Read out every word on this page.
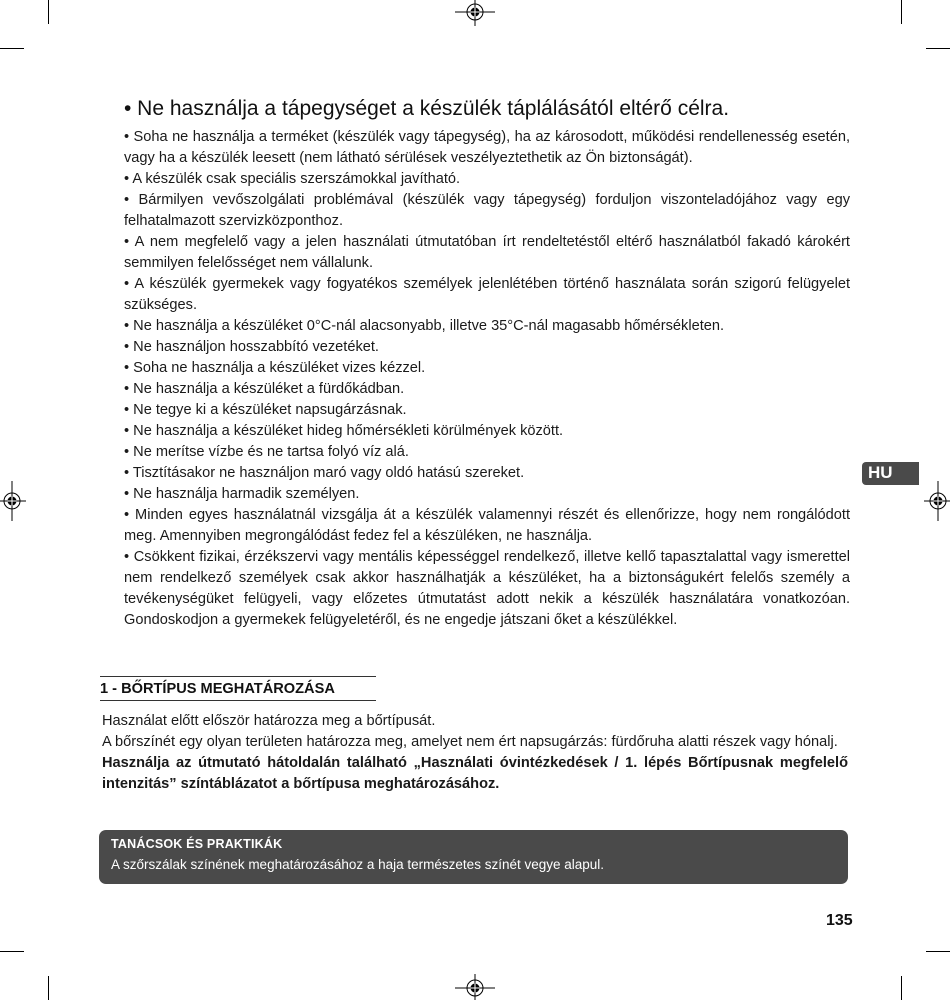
• Ne használja a tápegységet a készülék táplálásától eltérő célra.
• Soha ne használja a terméket (készülék vagy tápegység), ha az károsodott, működési rendellenesség esetén, vagy ha a készülék leesett (nem látható sérülések veszélyeztethetik az Ön biztonságát).
• A készülék csak speciális szerszámokkal javítható.
• Bármilyen vevőszolgálati problémával (készülék vagy tápegység) forduljon viszonteladójához vagy egy felhatalmazott szervizközponthoz.
• A nem megfelelő vagy a jelen használati útmutatóban írt rendeltetéstől eltérő használatból fakadó károkért semmilyen felelősséget nem vállalunk.
• A készülék gyermekek vagy fogyatékos személyek jelenlétében történő használata során szigorú felügyelet szükséges.
• Ne használja a készüléket 0°C-nál alacsonyabb, illetve 35°C-nál magasabb hőmérsékleten.
• Ne használjon hosszabbító vezetéket.
• Soha ne használja a készüléket vizes kézzel.
• Ne használja a készüléket a fürdőkádban.
• Ne tegye ki a készüléket napsugárzásnak.
• Ne használja a készüléket hideg hőmérsékleti körülmények között.
• Ne merítse vízbe és ne tartsa folyó víz alá.
• Tisztításakor ne használjon maró vagy oldó hatású szereket.
• Ne használja harmadik személyen.
• Minden egyes használatnál vizsgálja át a készülék valamennyi részét és ellenőrizze, hogy nem rongálódott meg. Amennyiben megrongálódást fedez fel a készüléken, ne használja.
• Csökkent fizikai, érzékszervi vagy mentális képességgel rendelkező, illetve kellő tapasztalattal vagy ismerettel nem rendelkező személyek csak akkor használhatják a készüléket, ha a biztonságukért felelős személy a tevékenységüket felügyeli, vagy előzetes útmutatást adott nekik a készülék használatára vonatkozóan. Gondoskodjon a gyermekek felügyeletéről, és ne engedje játszani őket a készülékkel.
1 - BŐRTÍPUS MEGHATÁROZÁSA

Használat előtt először határozza meg a bőrtípusát.

A bőrszínét egy olyan területen határozza meg, amelyet nem ért napsugárzás: fürdőruha alatti részek vagy hónalj.

Használja az útmutató hátoldalán található „Használati óvintézkedések / 1. lépés Bőrtípusnak megfelelő intenzitás” színtáblázatot a bőrtípusa meghatározásához.

TANÁCSOK ÉS PRAKTIKÁK
A szőrszálak színének meghatározásához a haja természetes színét vegye alapul.
HU
135
